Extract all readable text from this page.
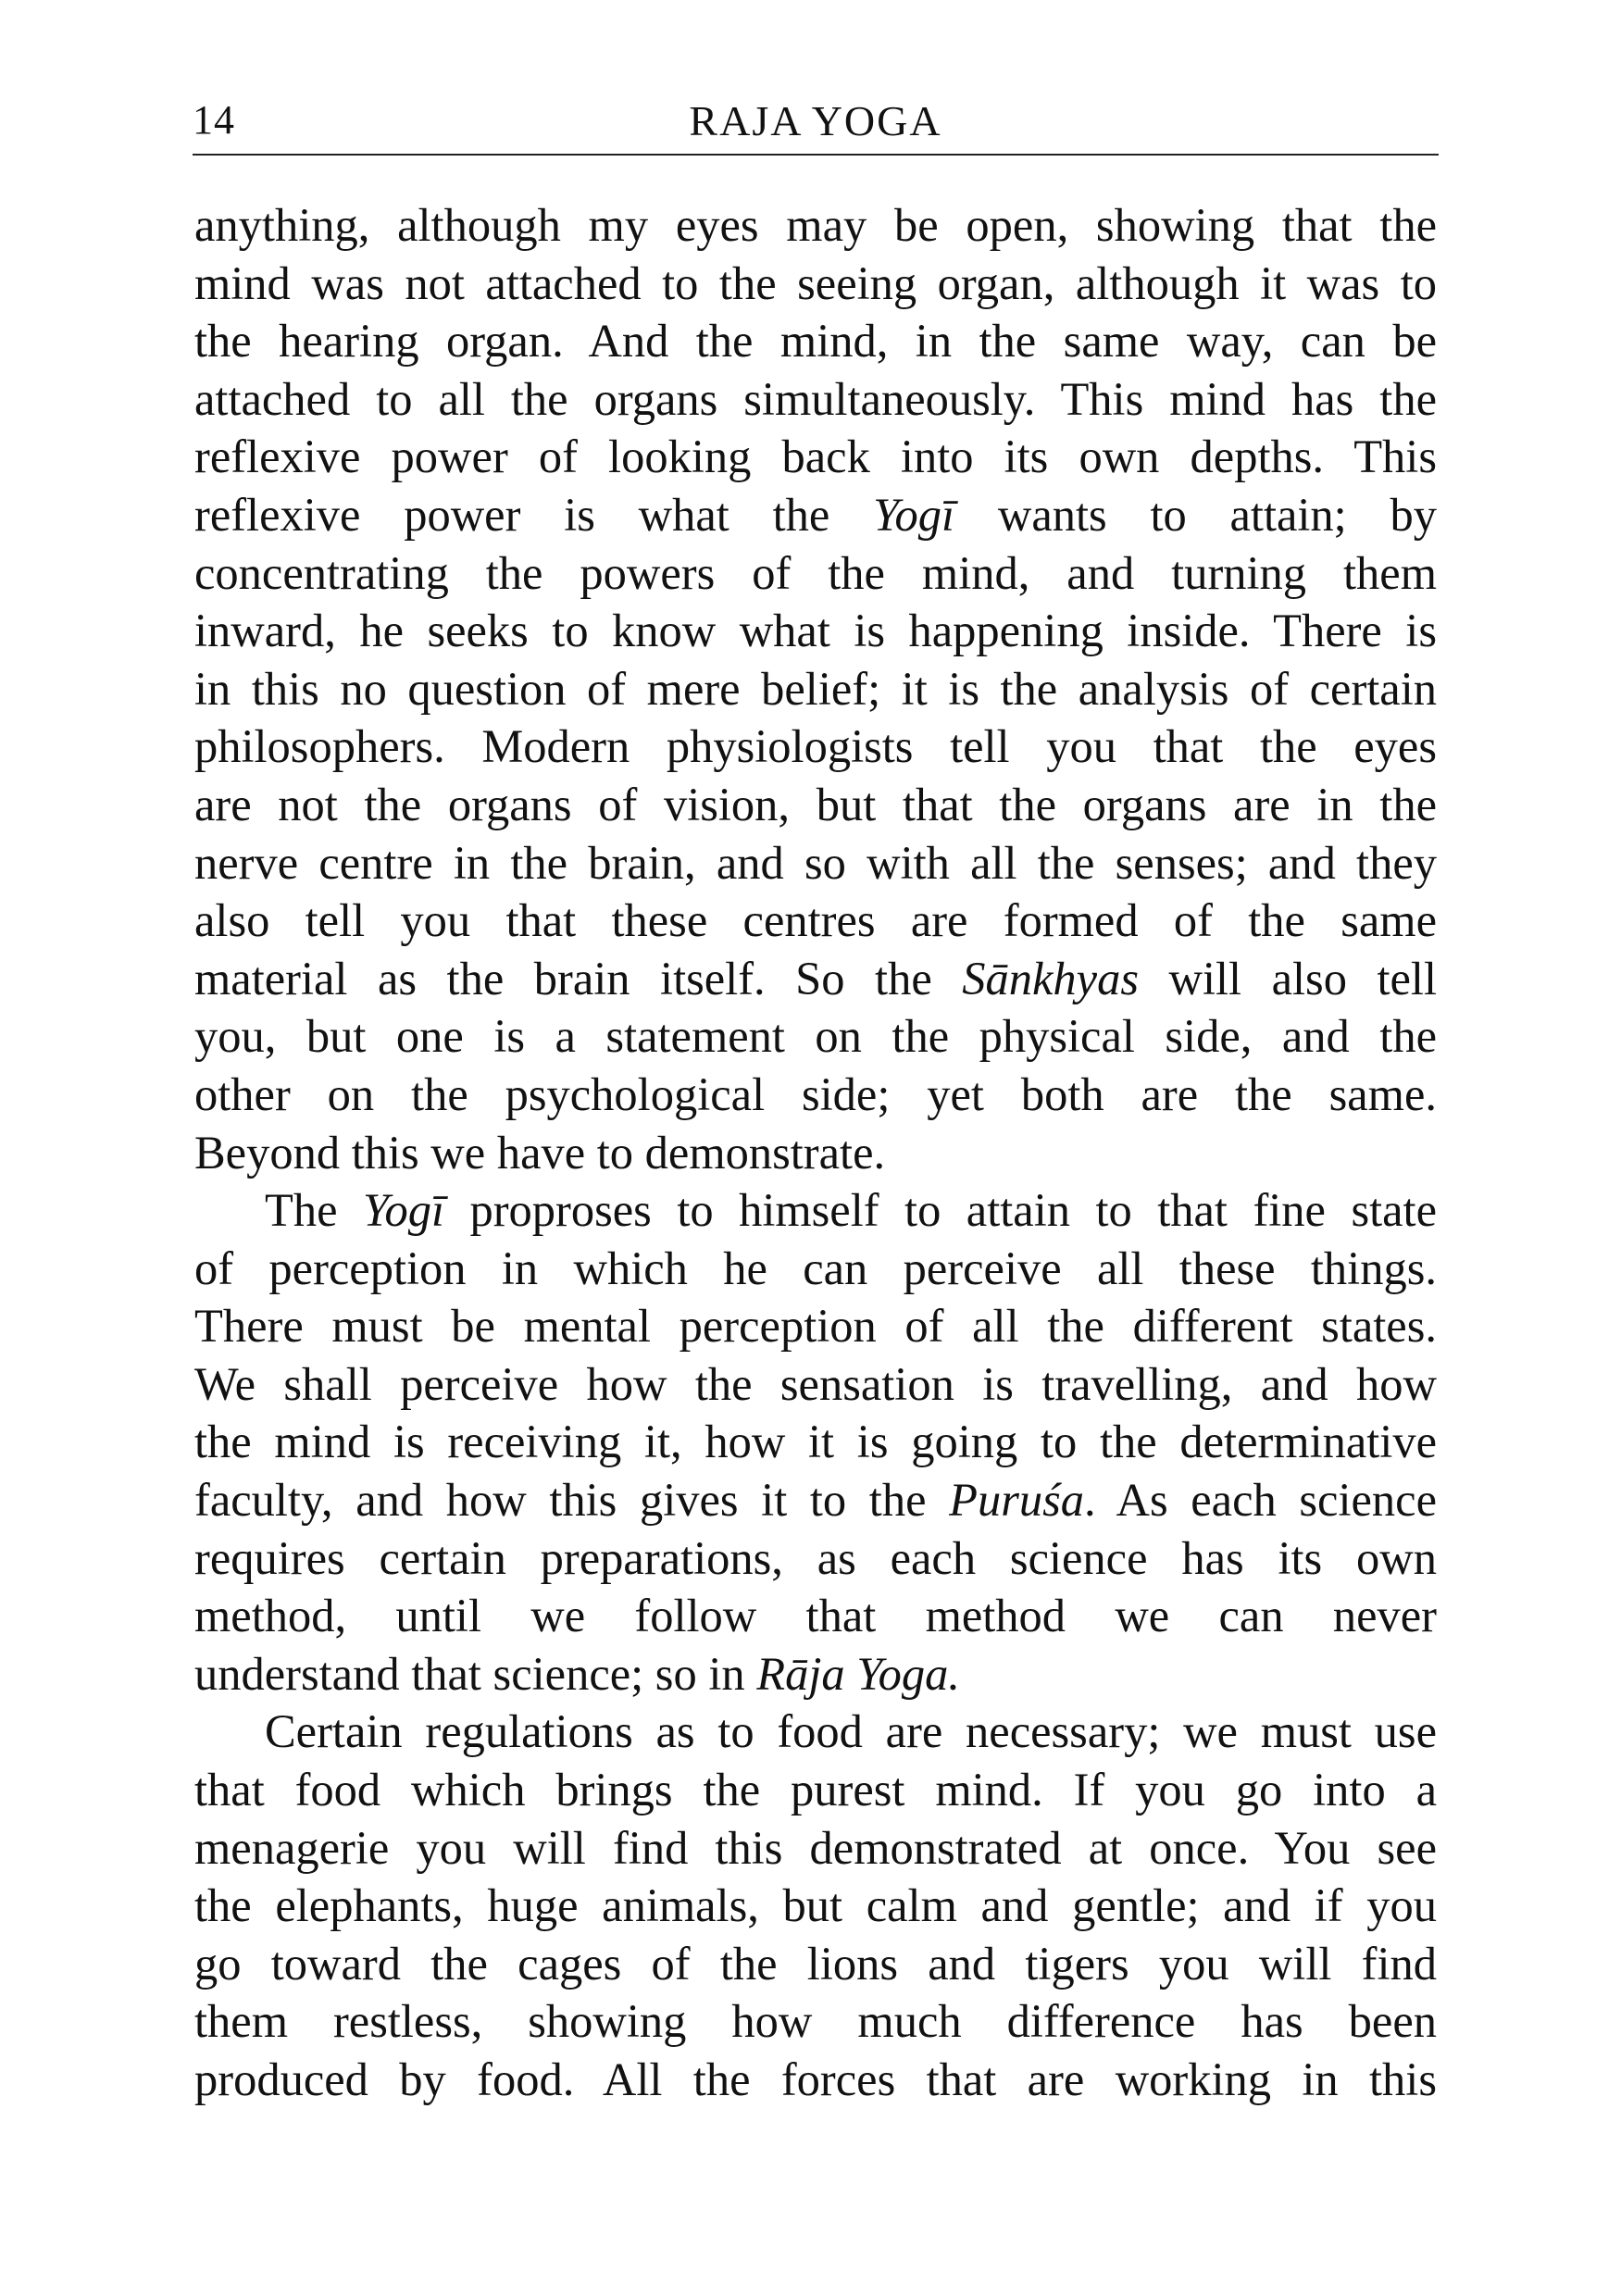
14	RAJA YOGA
anything, although my eyes may be open, showing that the
mind was not attached to the seeing organ, although it was to
the hearing organ. And the mind, in the same way, can be
attached to all the organs simultaneously. This mind has the
reflexive power of looking back into its own depths. This
reflexive power is what the Yogī wants to attain; by
concentrating the powers of the mind, and turning them
inward, he seeks to know what is happening inside. There is
in this no question of mere belief; it is the analysis of certain
philosophers. Modern physiologists tell you that the eyes
are not the organs of vision, but that the organs are in the
nerve centre in the brain, and so with all the senses; and they
also tell you that these centres are formed of the same
material as the brain itself. So the Sānkhyas will also tell
you, but one is a statement on the physical side, and the
other on the psychological side; yet both are the same.
Beyond this we have to demonstrate.
The Yogī proproses to himself to attain to that fine state
of perception in which he can perceive all these things.
There must be mental perception of all the different states.
We shall perceive how the sensation is travelling, and how
the mind is receiving it, how it is going to the determinative
faculty, and how this gives it to the Puruśa. As each science
requires certain preparations, as each science has its own
method, until we follow that method we can never
understand that science; so in Rāja Yoga.
Certain regulations as to food are necessary; we must use
that food which brings the purest mind. If you go into a
menagerie you will find this demonstrated at once. You see
the elephants, huge animals, but calm and gentle; and if you
go toward the cages of the lions and tigers you will find
them restless, showing how much difference has been
produced by food. All the forces that are working in this
